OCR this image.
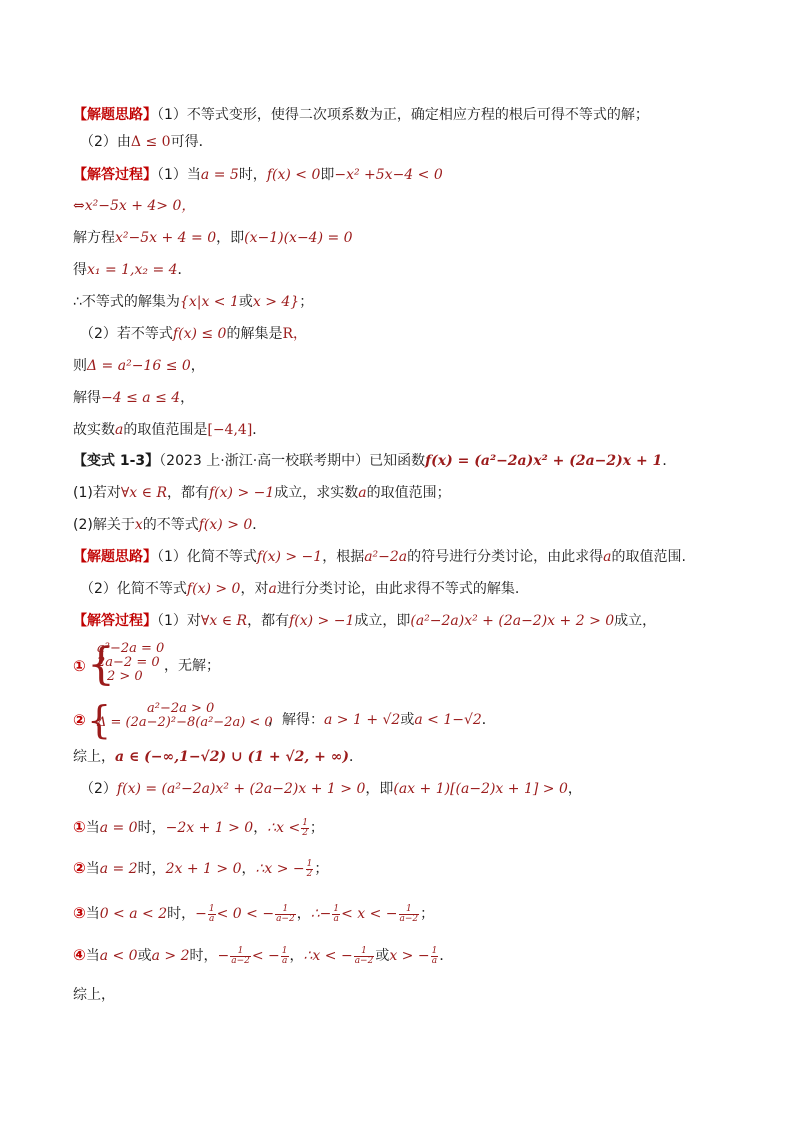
【解题思路】（1）不等式变形，使得二次项系数为正，确定相应方程的根后可得不等式的解；
（2）由Δ ≤ 0可得．
【解答过程】（1）当a = 5时，f(x) < 0即−x² +5x−4 < 0
⇔x²−5x + 4> 0，
解方程x²−5x + 4 = 0，即(x−1)(x−4) = 0
得x₁ = 1,x₂ = 4．
∴不等式的解集为{x|x < 1或x > 4}；
（2）若不等式f(x) ≤ 0的解集是R，
则Δ = a²−16 ≤ 0，
解得−4 ≤ a ≤ 4，
故实数a的取值范围是[−4,4]．
【变式 1-3】（2023 上·浙江·高一校联考期中）已知函数f(x) = (a²−2a)x² + (2a−2)x + 1．
(1)若对∀x ∈ R，都有f(x) > −1成立，求实数a的取值范围；
(2)解关于x的不等式f(x) > 0．
【解题思路】（1）化简不等式f(x) > −1，根据a²−2a的符号进行分类讨论，由此求得a的取值范围.
（2）化简不等式f(x) > 0，对a进行分类讨论，由此求得不等式的解集.
【解答过程】（1）对∀x ∈ R，都有f(x) > −1成立，即(a²−2a)x² + (2a−2)x + 2 > 0成立，
① {
a²−2a = 0
2a−2 = 0
2 > 0
，无解；
② {	a²−2a > 0
Δ = (2a−2)²−8(a²−2a) < 0
，解得：a > 1 + √2或a < 1−√2．
综上，a ∈ (−∞,1−√2) ∪ (1 + √2, + ∞)．
（2）f(x) = (a²−2a)x² + (2a−2)x + 1 > 0，即(ax + 1)[(a−2)x + 1] > 0，
①当a = 0时，−2x + 1 > 0，∴x < $\frac{1}{2}$ ；
②当a = 2时，2x + 1 > 0，∴x > − $\frac{1}{2}$ ；
③当0 < a < 2时，− $\frac{1}{a} < 0$ < − $\frac{1}{a-2}$ ，∴− $\frac{1}{a} < x$ < − $\frac{1}{a-2}$ ；
④当a < 0或a > 2时，− $\frac{1}{a-2}$ < − $\frac{1}{a}$ ，∴x < − $\frac{1}{a-2}$ 或x > − $\frac{1}{a}$ ．
综上，
